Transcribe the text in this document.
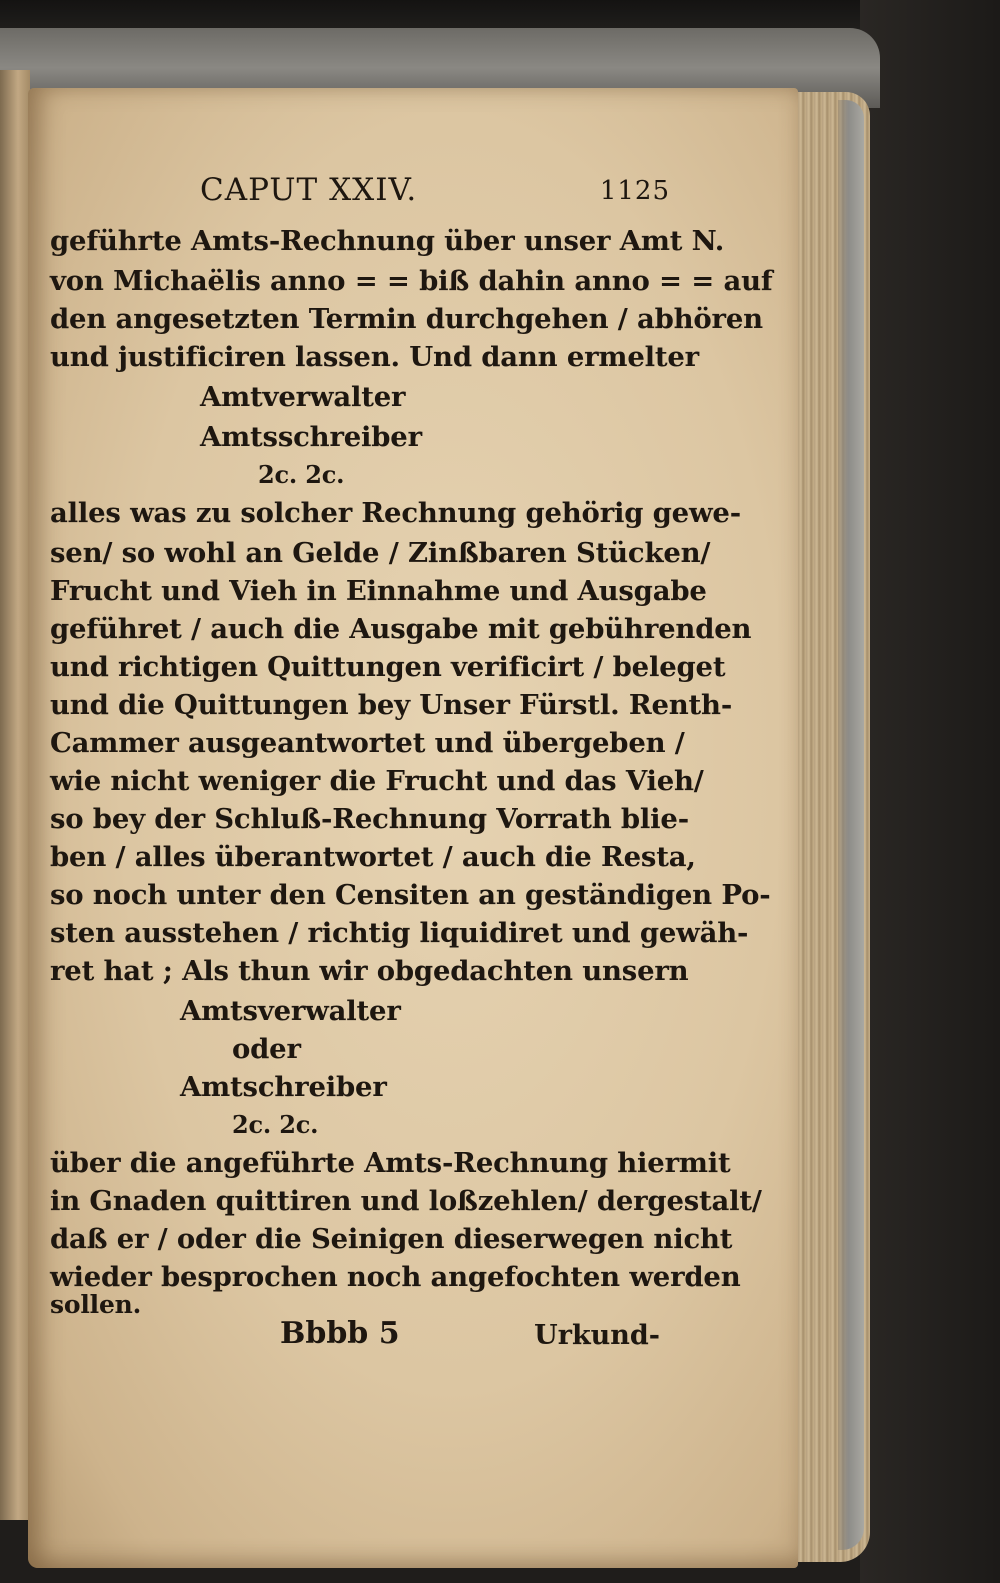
CAPUT XXIV.	1125
geführte Amts-Rechnung über unser Amt N.
von Michaëlis anno = = biß dahin anno = = auf
den angesetzten Termin durchgehen / abhören
und justificiren lassen. Und dann ermelter
Amtverwalter
Amtsschreiber
2c. 2c.
alles was zu solcher Rechnung gehörig gewe-
sen/ so wohl an Gelde / Zinßbaren Stücken/
Frucht und Vieh in Einnahme und Ausgabe
geführet / auch die Ausgabe mit gebührenden
und richtigen Quittungen verificirt / beleget
und die Quittungen bey Unser Fürstl. Renth-
Cammer ausgeantwortet und übergeben /
wie nicht weniger die Frucht und das Vieh/
so bey der Schluß-Rechnung Vorrath blie-
ben / alles überantwortet / auch die Resta,
so noch unter den Censiten an geständigen Po-
sten ausstehen / richtig liquidiret und gewäh-
ret hat ; Als thun wir obgedachten unsern
Amtsverwalter
oder
Amtschreiber
2c. 2c.
über die angeführte Amts-Rechnung hiermit
in Gnaden quittiren und loßzehlen/ dergestalt/
daß er / oder die Seinigen dieserwegen nicht
wieder besprochen noch angefochten werden
sollen.
Bbbb 5	Urkund-
